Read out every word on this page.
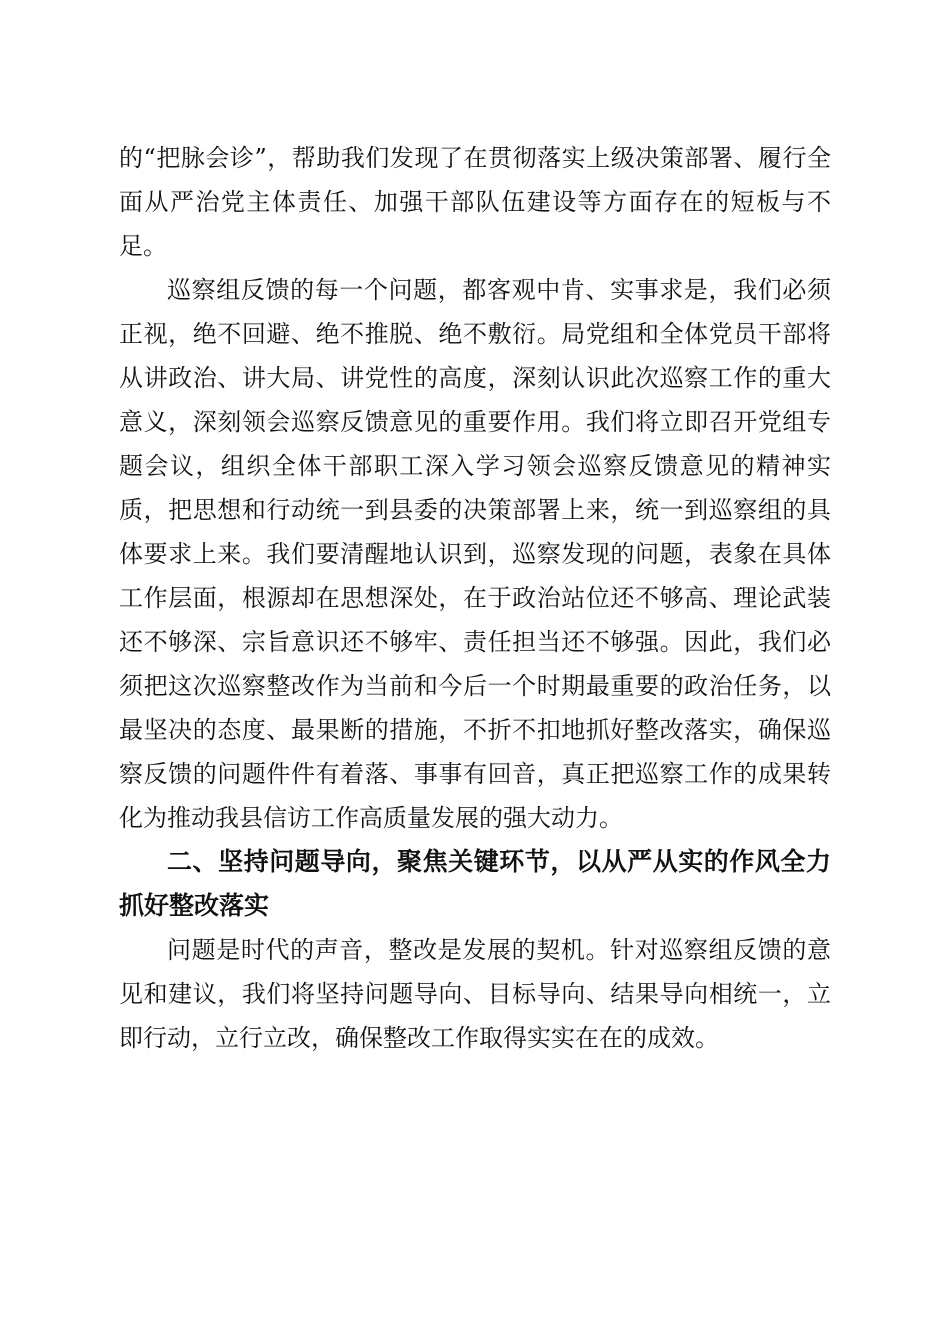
的“把脉会诊”，帮助我们发现了在贯彻落实上级决策部署、履行全面从严治党主体责任、加强干部队伍建设等方面存在的短板与不足。

巡察组反馈的每一个问题，都客观中肯、实事求是，我们必须正视，绝不回避、绝不推脱、绝不敷衍。局党组和全体党员干部将从讲政治、讲大局、讲党性的高度，深刻认识此次巡察工作的重大意义，深刻领会巡察反馈意见的重要作用。我们将立即召开党组专题会议，组织全体干部职工深入学习领会巡察反馈意见的精神实质，把思想和行动统一到县委的决策部署上来，统一到巡察组的具体要求上来。我们要清醒地认识到，巡察发现的问题，表象在具体工作层面，根源却在思想深处，在于政治站位还不够高、理论武装还不够深、宗旨意识还不够牢、责任担当还不够强。因此，我们必须把这次巡察整改作为当前和今后一个时期最重要的政治任务，以最坚决的态度、最果断的措施，不折不扣地抓好整改落实，确保巡察反馈的问题件件有着落、事事有回音，真正把巡察工作的成果转化为推动我县信访工作高质量发展的强大动力。

二、坚持问题导向，聚焦关键环节，以从严从实的作风全力抓好整改落实

问题是时代的声音，整改是发展的契机。针对巡察组反馈的意见和建议，我们将坚持问题导向、目标导向、结果导向相统一，立即行动，立行立改，确保整改工作取得实实在在的成效。
